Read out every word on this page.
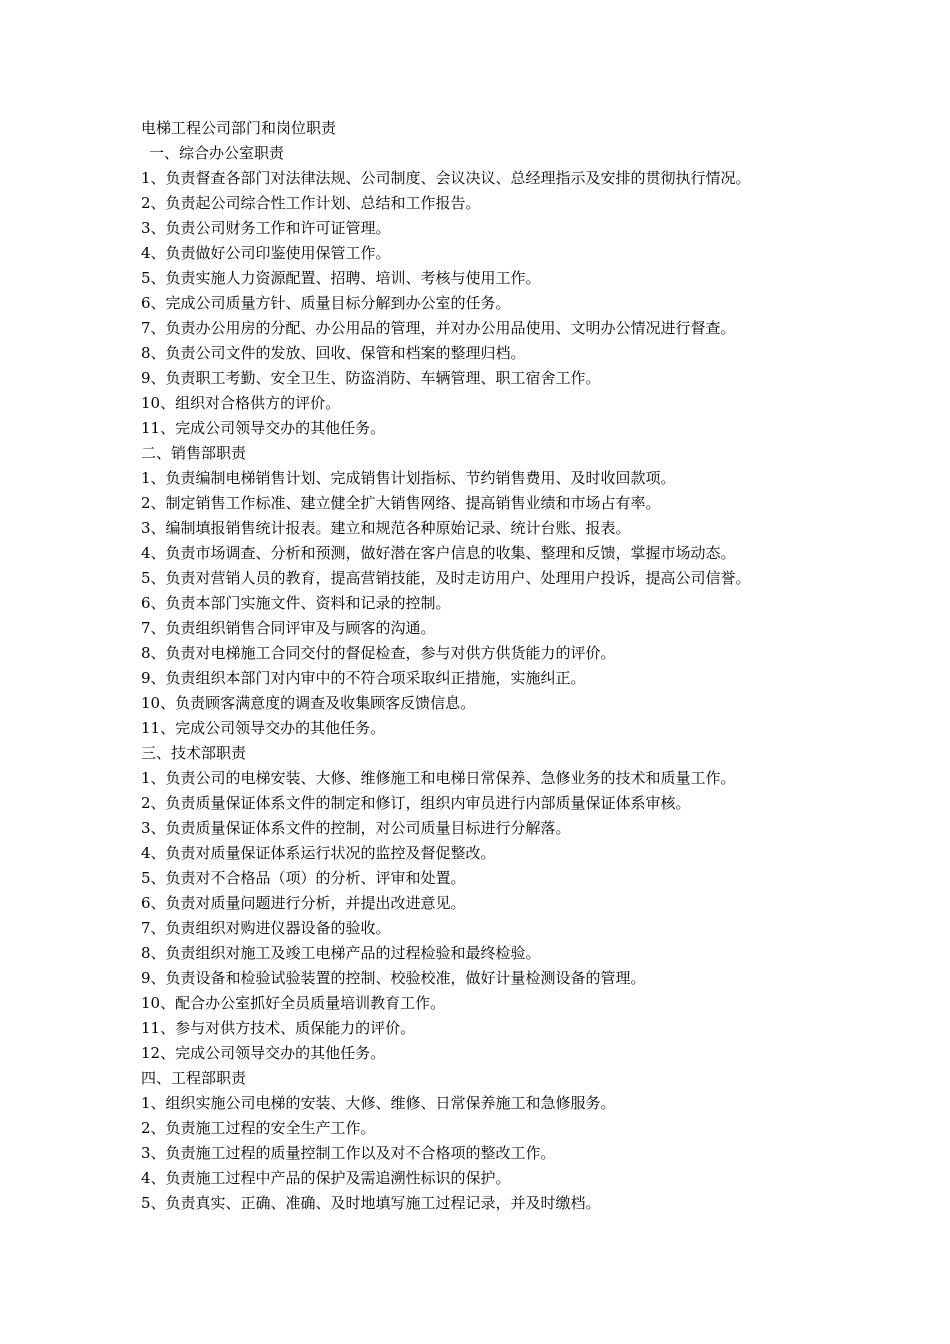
电梯工程公司部门和岗位职责

一、综合办公室职责

1、负责督查各部门对法律法规、公司制度、会议决议、总经理指示及安排的贯彻执行情况。

2、负责起公司综合性工作计划、总结和工作报告。

3、负责公司财务工作和许可证管理。

4、负责做好公司印鉴使用保管工作。

5、负责实施人力资源配置、招聘、培训、考核与使用工作。

6、完成公司质量方针、质量目标分解到办公室的任务。

7、负责办公用房的分配、办公用品的管理，并对办公用品使用、文明办公情况进行督查。

8、负责公司文件的发放、回收、保管和档案的整理归档。

9、负责职工考勤、安全卫生、防盗消防、车辆管理、职工宿舍工作。

10、组织对合格供方的评价。

11、完成公司领导交办的其他任务。

二、销售部职责

1、负责编制电梯销售计划、完成销售计划指标、节约销售费用、及时收回款项。

2、制定销售工作标准、建立健全扩大销售网络、提高销售业绩和市场占有率。

3、编制填报销售统计报表。建立和规范各种原始记录、统计台账、报表。

4、负责市场调查、分析和预测，做好潜在客户信息的收集、整理和反馈，掌握市场动态。

5、负责对营销人员的教育，提高营销技能，及时走访用户、处理用户投诉，提高公司信誉。

6、负责本部门实施文件、资料和记录的控制。

7、负责组织销售合同评审及与顾客的沟通。

8、负责对电梯施工合同交付的督促检查，参与对供方供货能力的评价。

9、负责组织本部门对内审中的不符合项采取纠正措施，实施纠正。

10、负责顾客满意度的调查及收集顾客反馈信息。

11、完成公司领导交办的其他任务。

三、技术部职责

1、负责公司的电梯安装、大修、维修施工和电梯日常保养、急修业务的技术和质量工作。

2、负责质量保证体系文件的制定和修订，组织内审员进行内部质量保证体系审核。

3、负责质量保证体系文件的控制，对公司质量目标进行分解落。

4、负责对质量保证体系运行状况的监控及督促整改。

5、负责对不合格品（项）的分析、评审和处置。

6、负责对质量问题进行分析，并提出改进意见。

7、负责组织对购进仪器设备的验收。

8、负责组织对施工及竣工电梯产品的过程检验和最终检验。

9、负责设备和检验试验装置的控制、校验校准，做好计量检测设备的管理。

10、配合办公室抓好全员质量培训教育工作。

11、参与对供方技术、质保能力的评价。

12、完成公司领导交办的其他任务。

四、工程部职责

1、组织实施公司电梯的安装、大修、维修、日常保养施工和急修服务。

2、负责施工过程的安全生产工作。

3、负责施工过程的质量控制工作以及对不合格项的整改工作。

4、负责施工过程中产品的保护及需追溯性标识的保护。

5、负责真实、正确、准确、及时地填写施工过程记录，并及时缴档。
